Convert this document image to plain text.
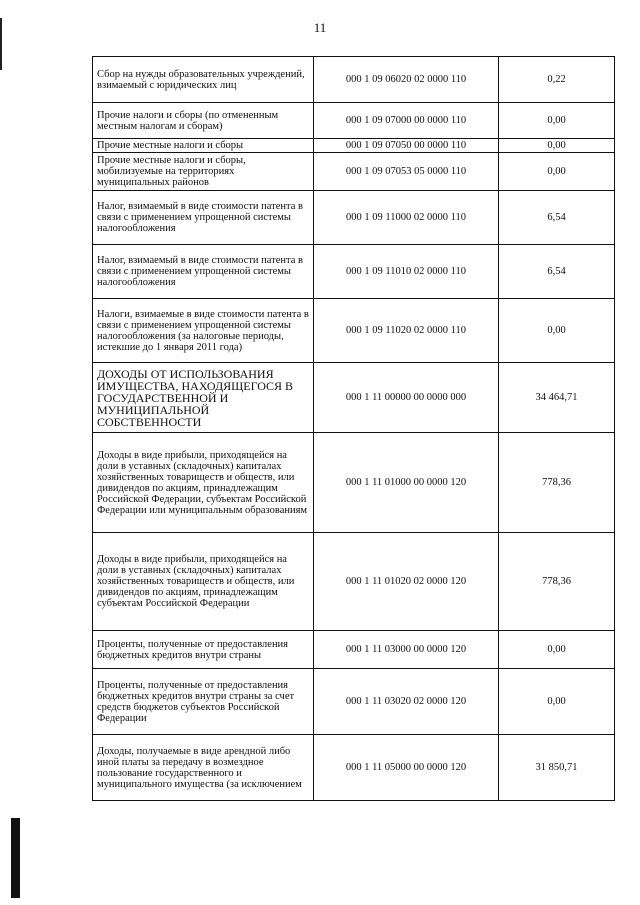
11
Сбор на нужды образовательных учреждений, взимаемый с юридических лиц	000 1 09 06020 02 0000 110	0,22
Прочие налоги и сборы (по отмененным местным налогам и сборам)	000 1 09 07000 00 0000 110	0,00
Прочие местные налоги и сборы	000 1 09 07050 00 0000 110	0,00
Прочие местные налоги и сборы, мобилизуемые на территориях муниципальных районов	000 1 09 07053 05 0000 110	0,00
Налог, взимаемый в виде стоимости патента в связи с применением упрощенной системы налогообложения	000 1 09 11000 02 0000 110	6,54
Налог, взимаемый в виде стоимости патента в связи с применением упрощенной системы налогообложения	000 1 09 11010 02 0000 110	6,54
Налоги, взимаемые в виде стоимости патента в связи с применением упрощенной системы налогообложения (за налоговые периоды, истекшие до 1 января 2011 года)	000 1 09 11020 02 0000 110	0,00
ДОХОДЫ ОТ ИСПОЛЬЗОВАНИЯ ИМУЩЕСТВА, НАХОДЯЩЕГОСЯ В ГОСУДАРСТВЕННОЙ И МУНИЦИПАЛЬНОЙ СОБСТВЕННОСТИ	000 1 11 00000 00 0000 000	34 464,71
Доходы в виде прибыли, приходящейся на доли в уставных (складочных) капиталах хозяйственных товариществ и обществ, или дивидендов по акциям, принадлежащим Российской Федерации, субъектам Российской Федерации или муниципальным образованиям	000 1 11 01000 00 0000 120	778,36
Доходы в виде прибыли, приходящейся на доли в уставных (складочных) капиталах хозяйственных товариществ и обществ, или дивидендов по акциям, принадлежащим субъектам Российской Федерации	000 1 11 01020 02 0000 120	778,36
Проценты, полученные от предоставления бюджетных кредитов внутри страны	000 1 11 03000 00 0000 120	0,00
Проценты, полученные от предоставления бюджетных кредитов внутри страны за счет средств бюджетов субъектов Российской Федерации	000 1 11 03020 02 0000 120	0,00
Доходы, получаемые в виде арендной либо иной платы за передачу в возмездное пользование государственного и муниципального имущества (за исключением	000 1 11 05000 00 0000 120	31 850,71
